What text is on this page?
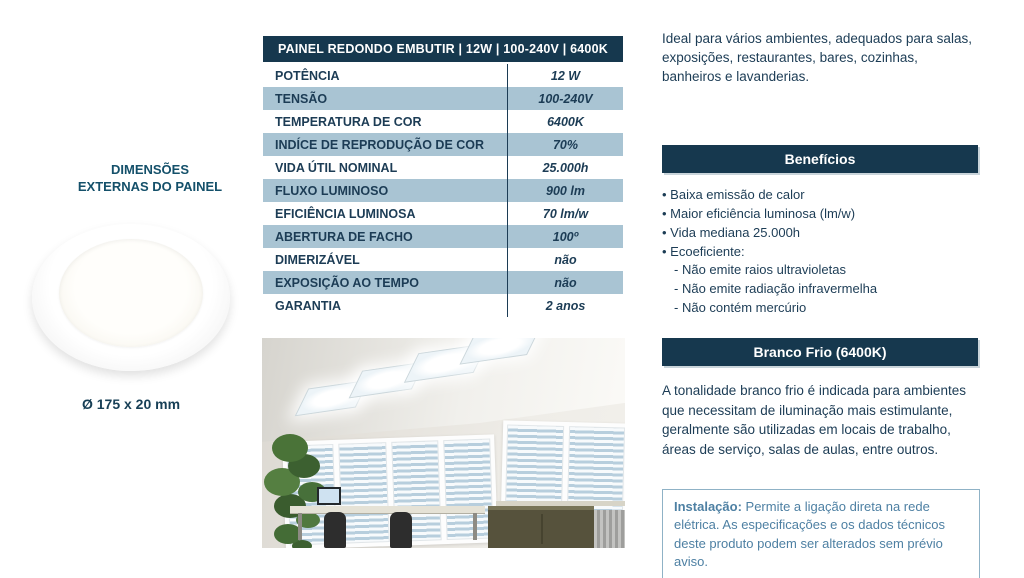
DIMENSÕES
EXTERNAS DO PAINEL
Ø 175 x 20 mm
PAINEL REDONDO EMBUTIR | 12W | 100-240V | 6400K
POTÊNCIA	12 W
TENSÃO	100-240V
TEMPERATURA DE COR	6400K
INDÍCE DE REPRODUÇÃO DE COR	70%
VIDA ÚTIL NOMINAL	25.000h
FLUXO LUMINOSO	900 lm
EFICIÊNCIA LUMINOSA	70 lm/w
ABERTURA DE FACHO	100º
DIMERIZÁVEL	não
EXPOSIÇÃO AO TEMPO	não
GARANTIA	2 anos

Ideal para vários ambientes, adequados para salas, exposições, restaurantes, bares, cozinhas, banheiros e lavanderias.

Benefícios
• Baixa emissão de calor
• Maior eficiência luminosa (lm/w)
• Vida mediana 25.000h
• Ecoeficiente:
- Não emite raios ultravioletas
- Não emite radiação infravermelha
- Não contém mercúrio
Branco Frio (6400K)

A tonalidade branco frio é indicada para ambientes que necessitam de iluminação mais estimulante, geralmente são utilizadas em locais de trabalho, áreas de serviço, salas de aulas, entre outros.

Instalação: Permite a ligação direta na rede elétrica. As especificações e os dados técnicos deste produto podem ser alterados sem prévio aviso.
